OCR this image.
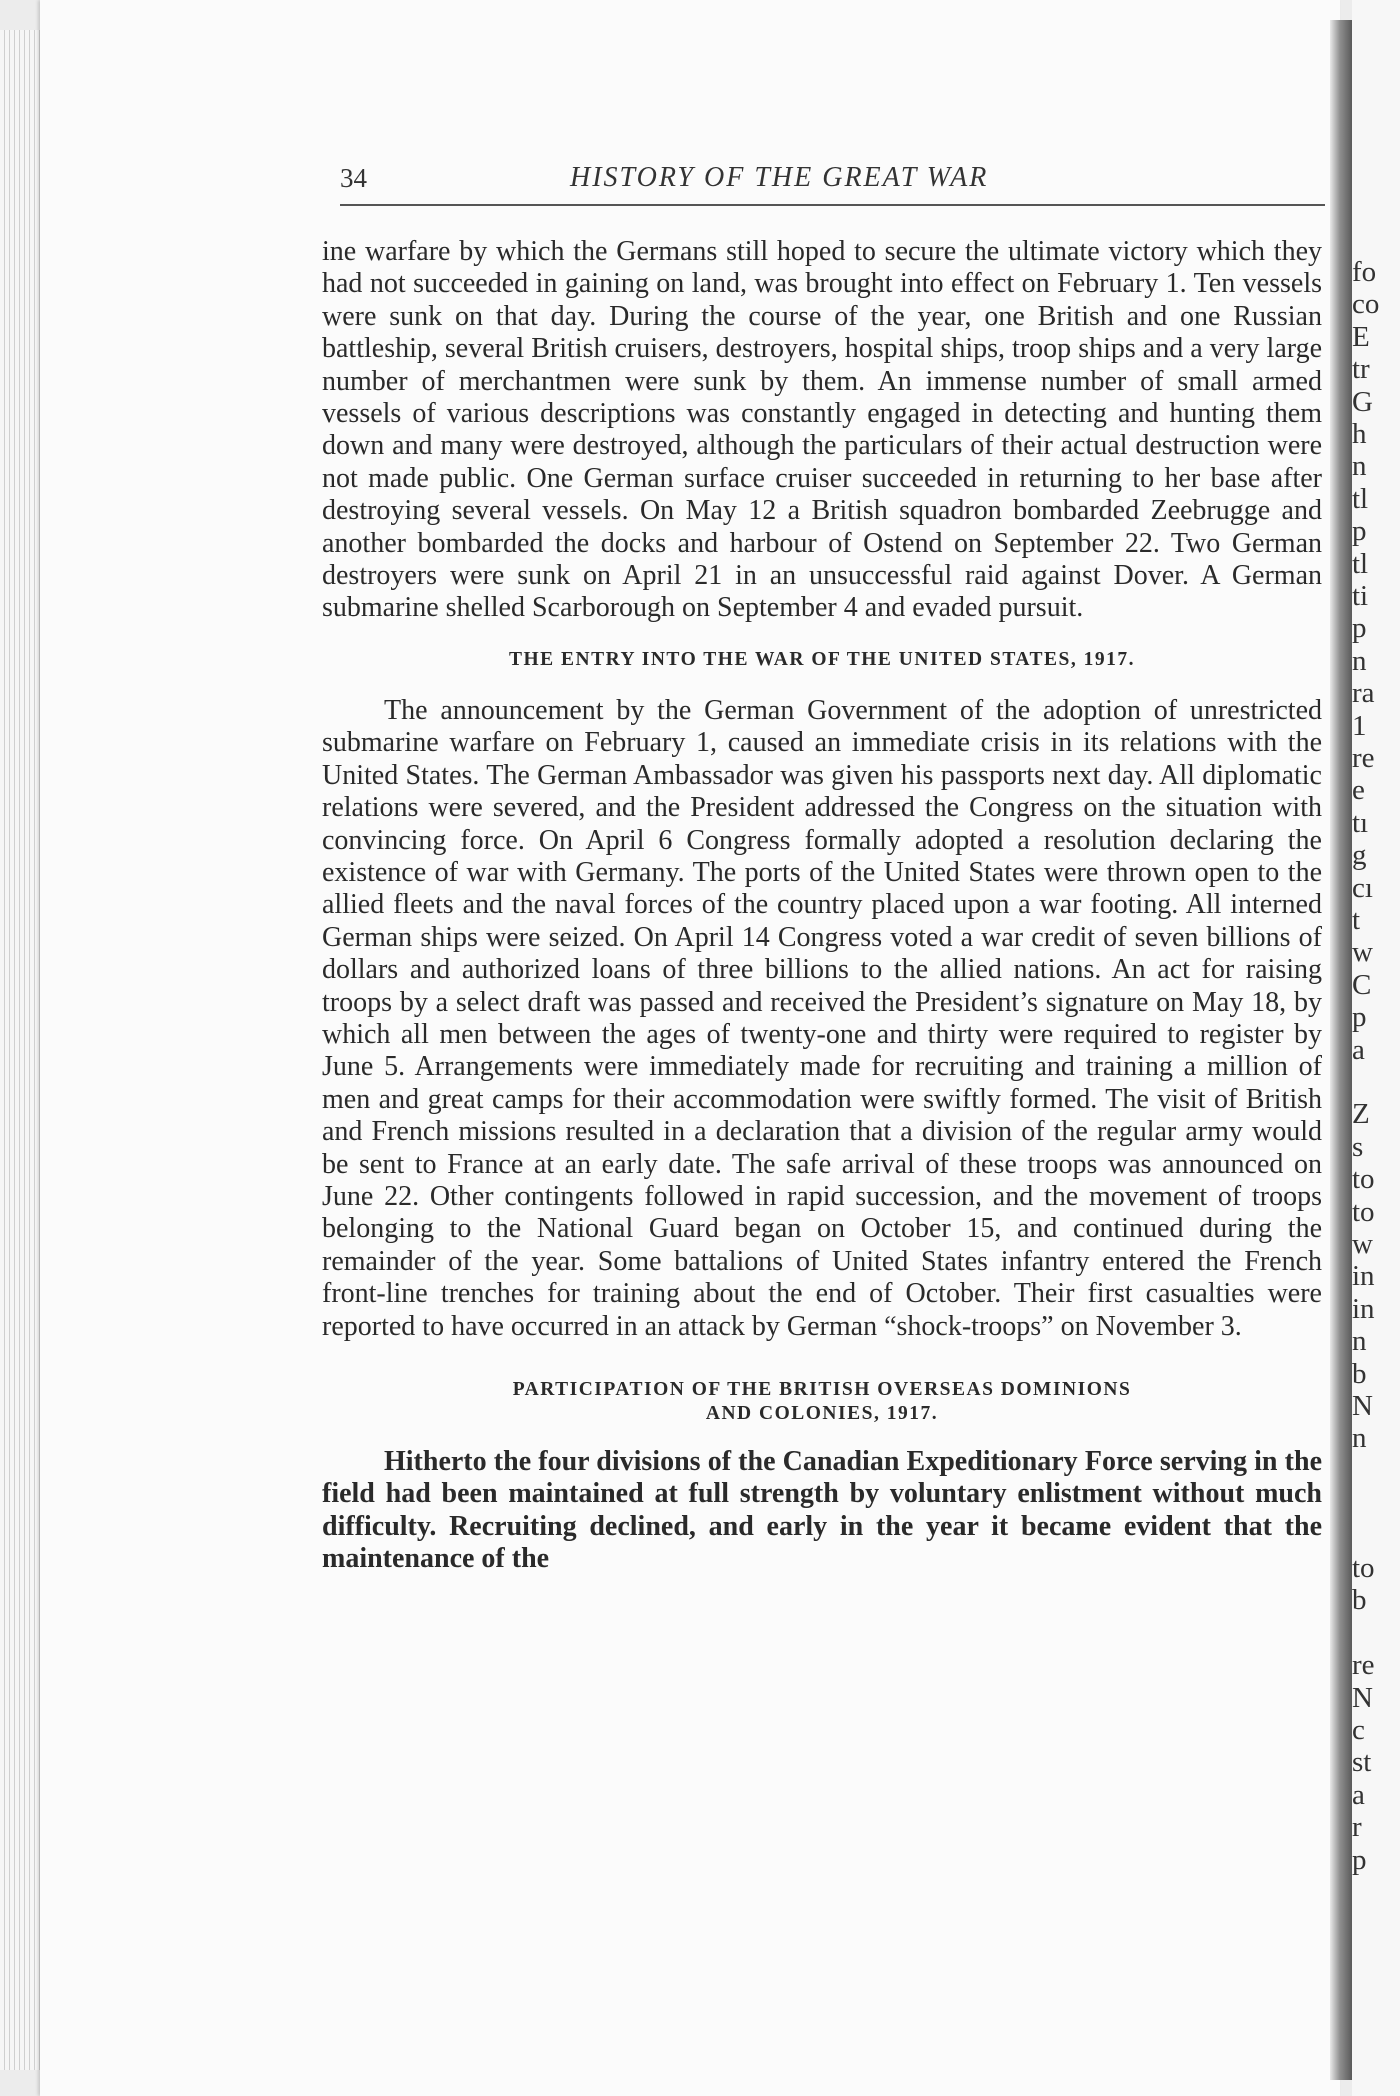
34	HISTORY OF THE GREAT WAR

ine warfare by which the Germans still hoped to secure the ultimate victory which they had not succeeded in gaining on land, was brought into effect on February 1. Ten vessels were sunk on that day. During the course of the year, one British and one Russian battleship, several British cruisers, destroyers, hospital ships, troop ships and a very large number of merchantmen were sunk by them. An immense number of small armed vessels of various descriptions was constantly engaged in detecting and hunting them down and many were destroyed, although the particulars of their actual destruction were not made public. One German surface cruiser succeeded in returning to her base after destroying several vessels. On May 12 a British squadron bombarded Zeebrugge and another bombarded the docks and harbour of Ostend on September 22. Two German destroyers were sunk on April 21 in an unsuccessful raid against Dover. A German submarine shelled Scarborough on September 4 and evaded pursuit.

THE ENTRY INTO THE WAR OF THE UNITED STATES, 1917.

The announcement by the German Government of the adoption of unrestricted submarine warfare on February 1, caused an immediate crisis in its relations with the United States. The German Ambassador was given his passports next day. All diplomatic relations were severed, and the President addressed the Congress on the situation with convincing force. On April 6 Congress formally adopted a resolution declaring the existence of war with Germany. The ports of the United States were thrown open to the allied fleets and the naval forces of the country placed upon a war footing. All interned German ships were seized. On April 14 Congress voted a war credit of seven billions of dollars and authorized loans of three billions to the allied nations. An act for raising troops by a select draft was passed and received the President’s signature on May 18, by which all men between the ages of twenty-one and thirty were required to register by June 5. Arrangements were immediately made for recruiting and training a million of men and great camps for their accommodation were swiftly formed. The visit of British and French missions resulted in a declaration that a division of the regular army would be sent to France at an early date. The safe arrival of these troops was announced on June 22. Other contingents followed in rapid succession, and the movement of troops belonging to the National Guard began on October 15, and continued during the remainder of the year. Some battalions of United States infantry entered the French front-line trenches for training about the end of October. Their first casualties were reported to have occurred in an attack by German “shock-troops” on November 3.

PARTICIPATION OF THE BRITISH OVERSEAS DOMINIONS
AND COLONIES, 1917.

Hitherto the four divisions of the Canadian Expeditionary Force serving in the field had been maintained at full strength by voluntary enlistment without much difficulty. Recruiting declined, and early in the year it became evident that the maintenance of the

fo
co
E
tr
G
h
n
tl
p
tl
ti
p
n
ra
1
re
e
tı
g
cı
t
w
C
p
a
Z
s
to
to
w
in
in
n
b
N
n
to
b
re
N
c
st
a
r
p
